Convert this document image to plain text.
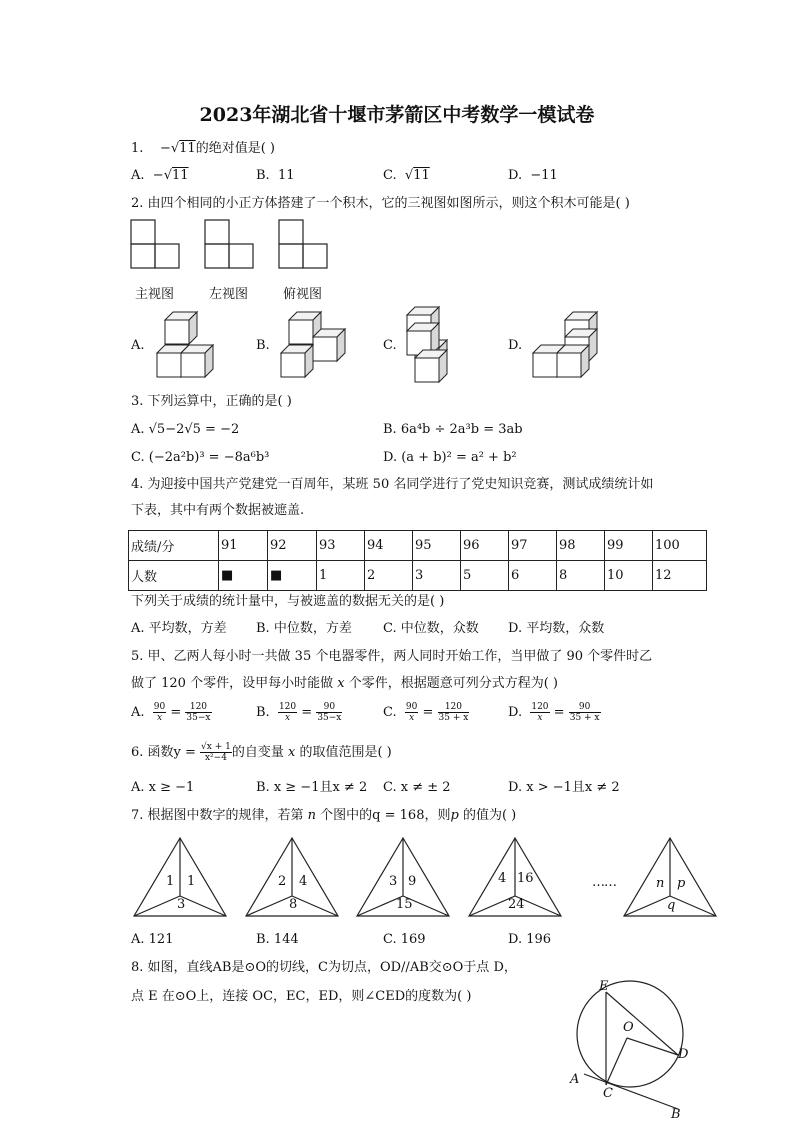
2023年湖北省十堰市茅箭区中考数学一模试卷
1. −√11的绝对值是( )
A. −√11	B. 11	C.  √11	D. −11
2. 由四个相同的小正方体搭建了一个积木，它的三视图如图所示，则这个积木可能是( )
主视图	左视图	俯视图
A.	B.	C.	D.
3. 下列运算中，正确的是( )
A. √5−2√5 = −2	B. 6a⁴b ÷ 2a³b = 3ab
C. (−2a²b)³ = −8a⁶b³	D. (a + b)² = a² + b²
4. 为迎接中国共产党建党一百周年，某班 50 名同学进行了党史知识竞赛，测试成绩统计如
下表，其中有两个数据被遮盖.
成绩/分	91	92	93	94	95	96	97	98	99	100
人数	■	■	1	2	3	5	6	8	10	12
下列关于成绩的统计量中，与被遮盖的数据无关的是( )
A. 平均数，方差 B. 中位数，方差 C. 中位数，众数 D. 平均数，众数
5. 甲、乙两人每小时一共做 35 个电器零件，两人同时开始工作，当甲做了 90 个零件时乙
做了 120 个零件，设甲每小时能做 x 个零件，根据题意可列分式方程为( )
A. $\frac{90}{x} = \frac{120}{35-x}$	B. $\frac{120}{x} = \frac{90}{35-x}$	C. $\frac{90}{x} = \frac{120}{35 + x}$	D. $\frac{120}{x} = \frac{90}{35 + x}$
6. 函数$y = \frac{√x + 1}{\text{x²−4}}$ 的自变量 x 的取值范围是( )
A. x ≥ −1	B. x ≥ −1且x ≠ 2 C. x ≠ ± 2	D. x > −1且x ≠ 2
7. 根据图中数字的规律，若第 n 个图中的q = 168，则p 的值为( )
1 1
3
2 4
8
3 9
15
4 16
24
……	n p
q
A. 121	B. 144	C. 169	D. 196
8. 如图，直线AB是⊙O的切线，C为切点，OD//AB交⊙O于点 D，
点 E 在⊙O上，连接 OC，EC，ED，则∠CED的度数为( )
E
O
D
A
C
B
